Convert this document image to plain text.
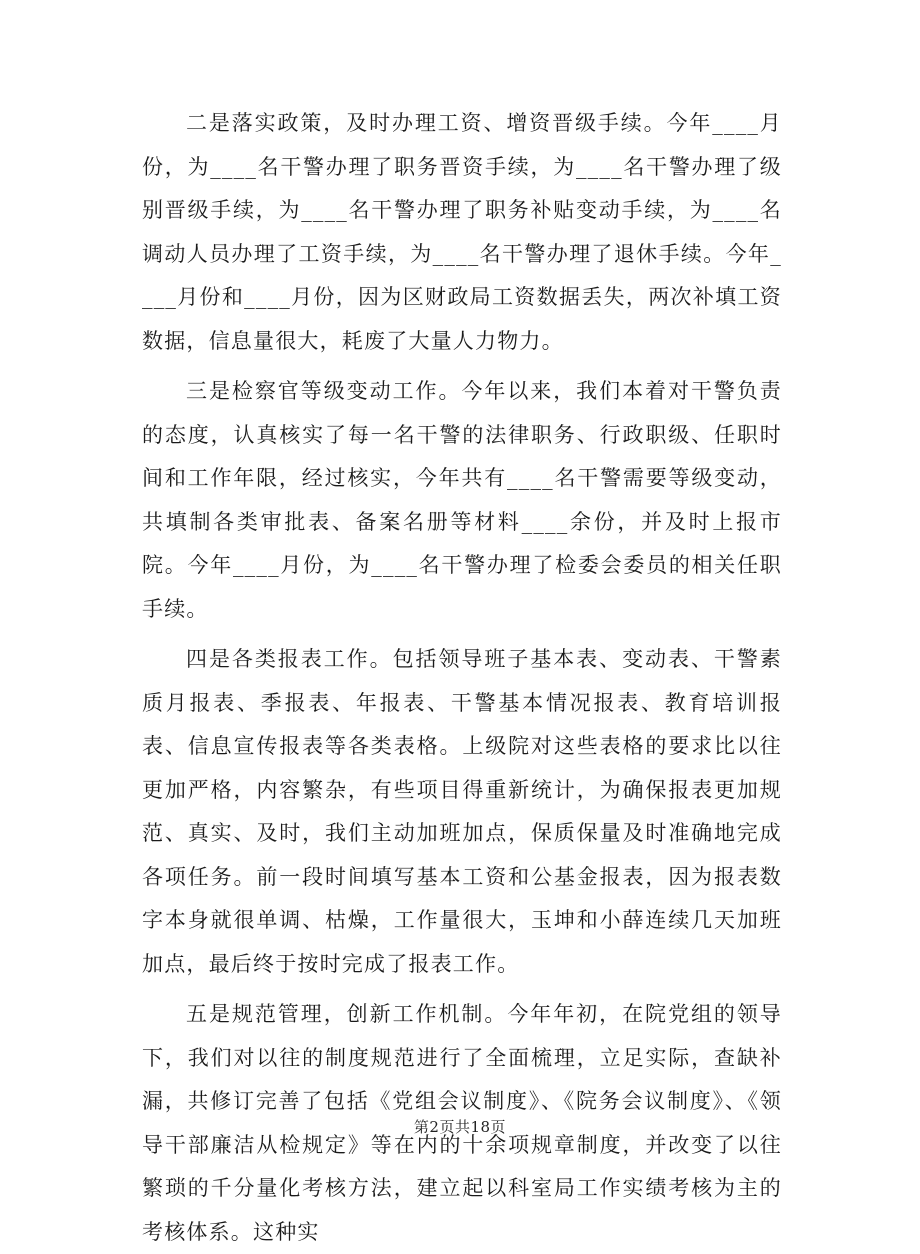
二是落实政策，及时办理工资、增资晋级手续。今年____月份，为____名干警办理了职务晋资手续，为____名干警办理了级别晋级手续，为____名干警办理了职务补贴变动手续，为____名调动人员办理了工资手续，为____名干警办理了退休手续。今年____月份和____月份，因为区财政局工资数据丢失，两次补填工资数据，信息量很大，耗废了大量人力物力。

三是检察官等级变动工作。今年以来，我们本着对干警负责的态度，认真核实了每一名干警的法律职务、行政职级、任职时间和工作年限，经过核实，今年共有____名干警需要等级变动，共填制各类审批表、备案名册等材料____余份，并及时上报市院。今年____月份，为____名干警办理了检委会委员的相关任职手续。

四是各类报表工作。包括领导班子基本表、变动表、干警素质月报表、季报表、年报表、干警基本情况报表、教育培训报表、信息宣传报表等各类表格。上级院对这些表格的要求比以往更加严格，内容繁杂，有些项目得重新统计，为确保报表更加规范、真实、及时，我们主动加班加点，保质保量及时准确地完成各项任务。前一段时间填写基本工资和公基金报表，因为报表数字本身就很单调、枯燥，工作量很大，玉坤和小薛连续几天加班加点，最后终于按时完成了报表工作。

五是规范管理，创新工作机制。今年年初，在院党组的领导下，我们对以往的制度规范进行了全面梳理，立足实际，查缺补漏，共修订完善了包括《党组会议制度》、《院务会议制度》、《领导干部廉洁从检规定》等在内的十余项规章制度，并改变了以往繁琐的千分量化考核方法，建立起以科室局工作实绩考核为主的考核体系。这种实

第2页共18页
